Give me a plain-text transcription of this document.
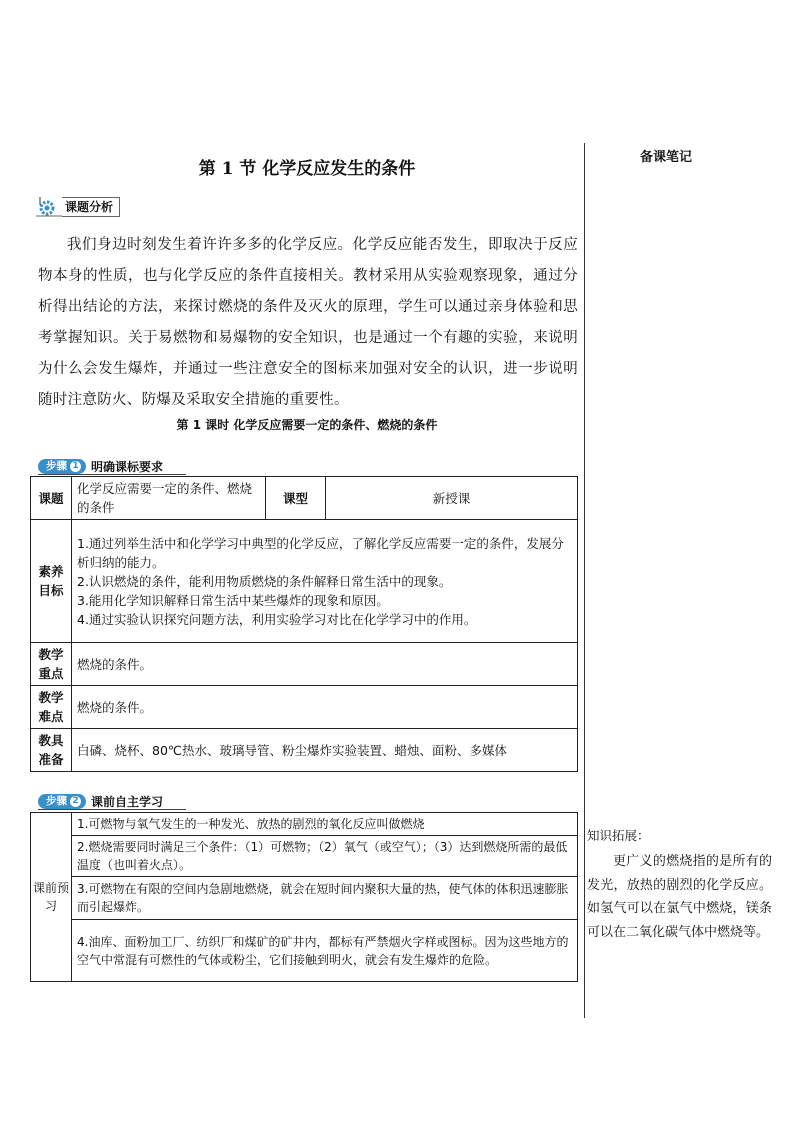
备课笔记
第 1 节 化学反应发生的条件
课题分析
我们身边时刻发生着许许多多的化学反应。化学反应能否发生，即取决于反应物本身的性质，也与化学反应的条件直接相关。教材采用从实验观察现象，通过分析得出结论的方法，来探讨燃烧的条件及灭火的原理，学生可以通过亲身体验和思考掌握知识。关于易燃物和易爆物的安全知识，也是通过一个有趣的实验，来说明为什么会发生爆炸，并通过一些注意安全的图标来加强对安全的认识，进一步说明随时注意防火、防爆及采取安全措施的重要性。
第 1 课时 化学反应需要一定的条件、燃烧的条件
步骤 1 明确课标要求
课题	化学反应需要一定的条件、燃烧的条件	课型	新授课
素养目标	1.通过列举生活中和化学学习中典型的化学反应，了解化学反应需要一定的条件，发展分析归纳的能力。
2.认识燃烧的条件，能利用物质燃烧的条件解释日常生活中的现象。
3.能用化学知识解释日常生活中某些爆炸的现象和原因。
4.通过实验认识探究问题方法，利用实验学习对比在化学学习中的作用。		

教学重点	燃烧的条件。		
教学难点	燃烧的条件。		
教具准备	白磷、烧杯、80℃热水、玻璃导管、粉尘爆炸实验装置、蜡烛、面粉、多媒体		
步骤 2 课前自主学习
课前预习	1.可燃物与氧气发生的一种发光、放热的剧烈的氧化反应叫做燃烧
2.燃烧需要同时满足三个条件：（1）可燃物；（2）氧气（或空气）；（3）达到燃烧所需的最低温度（也叫着火点）。
3.可燃物在有限的空间内急剧地燃烧，就会在短时间内聚积大量的热，使气体的体积迅速膨胀而引起爆炸。
4.油库、面粉加工厂、纺织厂和煤矿的矿井内，都标有严禁烟火字样或图标。因为这些地方的空气中常混有可燃性的气体或粉尘，它们接触到明火，就会有发生爆炸的危险。
知识拓展：
更广义的燃烧指的是所有的发光，放热的剧烈的化学反应。如氢气可以在氯气中燃烧，镁条可以在二氧化碳气体中燃烧等。
